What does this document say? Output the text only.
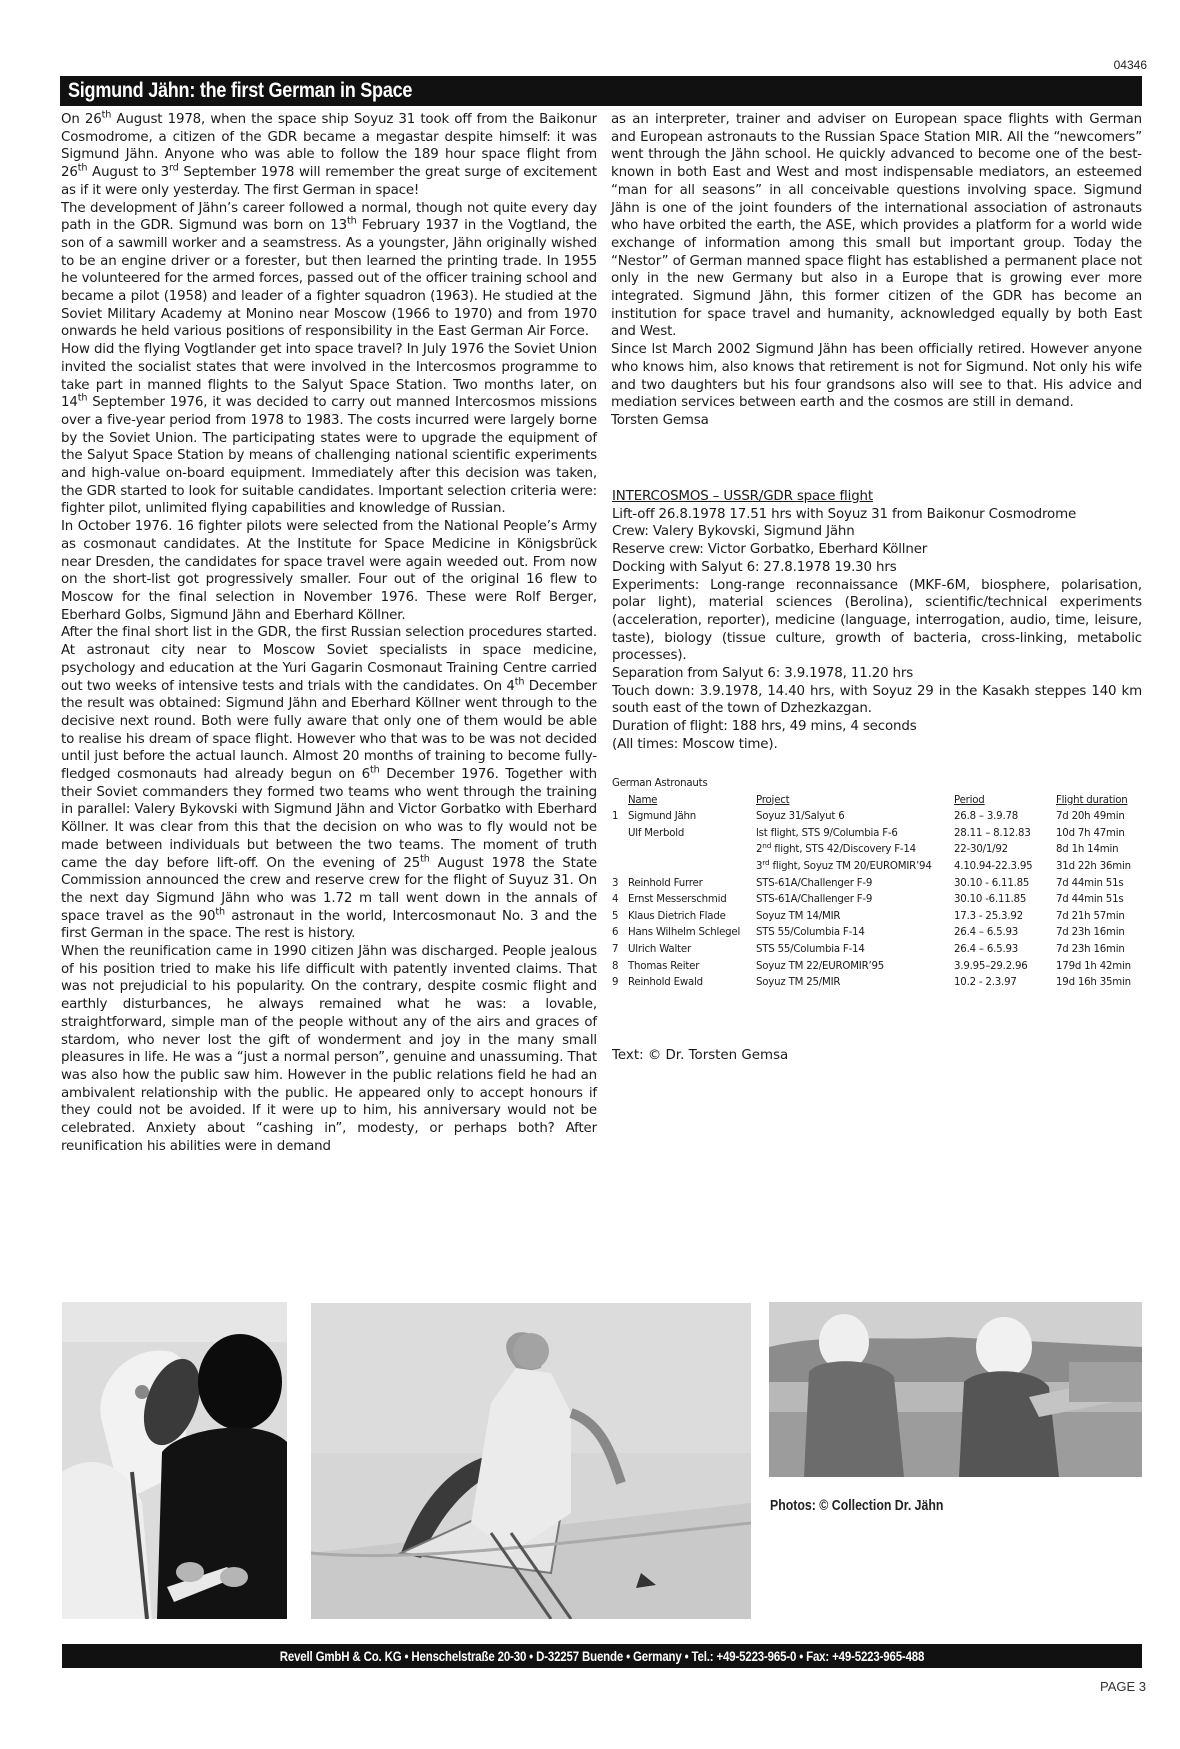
04346
Sigmund Jähn: the first German in Space

On 26th August 1978, when the space ship Soyuz 31 took off from the Baikonur Cosmodrome, a citizen of the GDR became a megastar despite himself: it was Sigmund Jähn. Anyone who was able to follow the 189 hour space flight from 26th August to 3rd September 1978 will remember the great surge of excitement as if it were only yesterday. The first German in space!

The development of Jähn’s career followed a normal, though not quite every day path in the GDR. Sigmund was born on 13th February 1937 in the Vogtland, the son of a sawmill worker and a seamstress. As a youngster, Jähn originally wished to be an engine driver or a forester, but then learned the printing trade. In 1955 he volunteered for the armed forces, passed out of the officer training school and became a pilot (1958) and leader of a fighter squadron (1963). He studied at the Soviet Military Academy at Monino near Moscow (1966 to 1970) and from 1970 onwards he held various positions of responsibility in the East German Air Force.

How did the flying Vogtlander get into space travel? In July 1976 the Soviet Union invited the socialist states that were involved in the Intercosmos programme to take part in manned flights to the Salyut Space Station. Two months later, on 14th September 1976, it was decided to carry out manned Intercosmos missions over a five-year period from 1978 to 1983. The costs incurred were largely borne by the Soviet Union. The participating states were to upgrade the equipment of the Salyut Space Station by means of challenging national scientific experiments and high-value on-board equipment. Immediately after this decision was taken, the GDR started to look for suitable candidates. Important selection criteria were: fighter pilot, unlimited flying capabilities and knowledge of Russian.

In October 1976. 16 fighter pilots were selected from the National People’s Army as cosmonaut candidates. At the Institute for Space Medicine in Königsbrück near Dresden, the candidates for space travel were again weeded out. From now on the short-list got progressively smaller. Four out of the original 16 flew to Moscow for the final selection in November 1976. These were Rolf Berger, Eberhard Golbs, Sigmund Jähn and Eberhard Köllner.

After the final short list in the GDR, the first Russian selection procedures started. At astronaut city near to Moscow Soviet specialists in space medicine, psychology and education at the Yuri Gagarin Cosmonaut Training Centre carried out two weeks of intensive tests and trials with the candidates. On 4th December the result was obtained: Sigmund Jähn and Eberhard Köllner went through to the decisive next round. Both were fully aware that only one of them would be able to realise his dream of space flight. However who that was to be was not decided until just before the actual launch. Almost 20 months of training to become fully-fledged cosmonauts had already begun on 6th December 1976. Together with their Soviet commanders they formed two teams who went through the training in parallel: Valery Bykovski with Sigmund Jähn and Victor Gorbatko with Eberhard Köllner. It was clear from this that the decision on who was to fly would not be made between individuals but between the two teams. The moment of truth came the day before lift-off. On the evening of 25th August 1978 the State Commission announced the crew and reserve crew for the flight of Suyuz 31. On the next day Sigmund Jähn who was 1.72 m tall went down in the annals of space travel as the 90th astronaut in the world, Intercosmonaut No. 3 and the first German in the space. The rest is history.

When the reunification came in 1990 citizen Jähn was discharged. People jealous of his position tried to make his life difficult with patently invented claims. That was not prejudicial to his popularity. On the contrary, despite cosmic flight and earthly disturbances, he always remained what he was: a lovable, straightforward, simple man of the people without any of the airs and graces of stardom, who never lost the gift of wonderment and joy in the many small pleasures in life. He was a “just a normal person”, genuine and unassuming. That was also how the public saw him. However in the public relations field he had an ambivalent relationship with the public. He appeared only to accept honours if they could not be avoided. If it were up to him, his anniversary would not be celebrated. Anxiety about “cashing in”, modesty, or perhaps both? After reunification his abilities were in demand

as an interpreter, trainer and adviser on European space flights with German and European astronauts to the Russian Space Station MIR. All the “newcomers” went through the Jähn school. He quickly advanced to become one of the best-known in both East and West and most indispensable mediators, an esteemed “man for all seasons” in all conceivable questions involving space. Sigmund Jähn is one of the joint founders of the international association of astronauts who have orbited the earth, the ASE, which provides a platform for a world wide exchange of information among this small but important group. Today the “Nestor” of German manned space flight has established a permanent place not only in the new Germany but also in a Europe that is growing ever more integrated. Sigmund Jähn, this former citizen of the GDR has become an institution for space travel and humanity, acknowledged equally by both East and West.

Since lst March 2002 Sigmund Jähn has been officially retired. However anyone who knows him, also knows that retirement is not for Sigmund. Not only his wife and two daughters but his four grandsons also will see to that. His advice and mediation services between earth and the cosmos are still in demand.

Torsten Gemsa

INTERCOSMOS – USSR/GDR space flight

Lift-off 26.8.1978 17.51 hrs with Soyuz 31 from Baikonur Cosmodrome

Crew: Valery Bykovski, Sigmund Jähn

Reserve crew: Victor Gorbatko, Eberhard Köllner

Docking with Salyut 6: 27.8.1978 19.30 hrs

Experiments: Long-range reconnaissance (MKF-6M, biosphere, polarisation, polar light), material sciences (Berolina), scientific/technical experiments (acceleration, reporter), medicine (language, interrogation, audio, time, leisure, taste), biology (tissue culture, growth of bacteria, cross-linking, metabolic processes).

Separation from Salyut 6: 3.9.1978, 11.20 hrs

Touch down: 3.9.1978, 14.40 hrs, with Soyuz 29 in the Kasakh steppes 140 km south east of the town of Dzhezkazgan.

Duration of flight: 188 hrs, 49 mins, 4 seconds

(All times: Moscow time).

German Astronauts
	Name	Project	Period	Flight duration
1	Sigmund Jähn	Soyuz 31/Salyut 6	26.8 – 3.9.78	7d 20h 49min
	Ulf Merbold	lst flight, STS 9/Columbia F-6	28.11 – 8.12.83	10d 7h 47min
		2nd flight, STS 42/Discovery F-14	22-30/1/92	8d 1h 14min
		3rd flight, Soyuz TM 20/EUROMIR’94	4.10.94-22.3.95	31d 22h 36min
3	Reinhold Furrer	STS-61A/Challenger F-9	30.10 - 6.11.85	7d 44min 51s
4	Ernst Messerschmid	STS-61A/Challenger F-9	30.10 -6.11.85	7d 44min 51s
5	Klaus Dietrich Flade	Soyuz TM 14/MIR	17.3 - 25.3.92	7d 21h 57min
6	Hans Wilhelm Schlegel	STS 55/Columbia F-14	26.4 – 6.5.93	7d 23h 16min
7	Ulrich Walter	STS 55/Columbia F-14	26.4 – 6.5.93	7d 23h 16min
8	Thomas Reiter	Soyuz TM 22/EUROMIR’95	3.9.95–29.2.96	179d 1h 42min
9	Reinhold Ewald	Soyuz TM 25/MIR	10.2 - 2.3.97	19d 16h 35min
Text: © Dr. Torsten Gemsa
Photos: © Collection Dr. Jähn
Revell GmbH & Co. KG • Henschelstraße 20-30 • D-32257 Buende • Germany • Tel.: +49-5223-965-0 • Fax: +49-5223-965-488
PAGE 3
